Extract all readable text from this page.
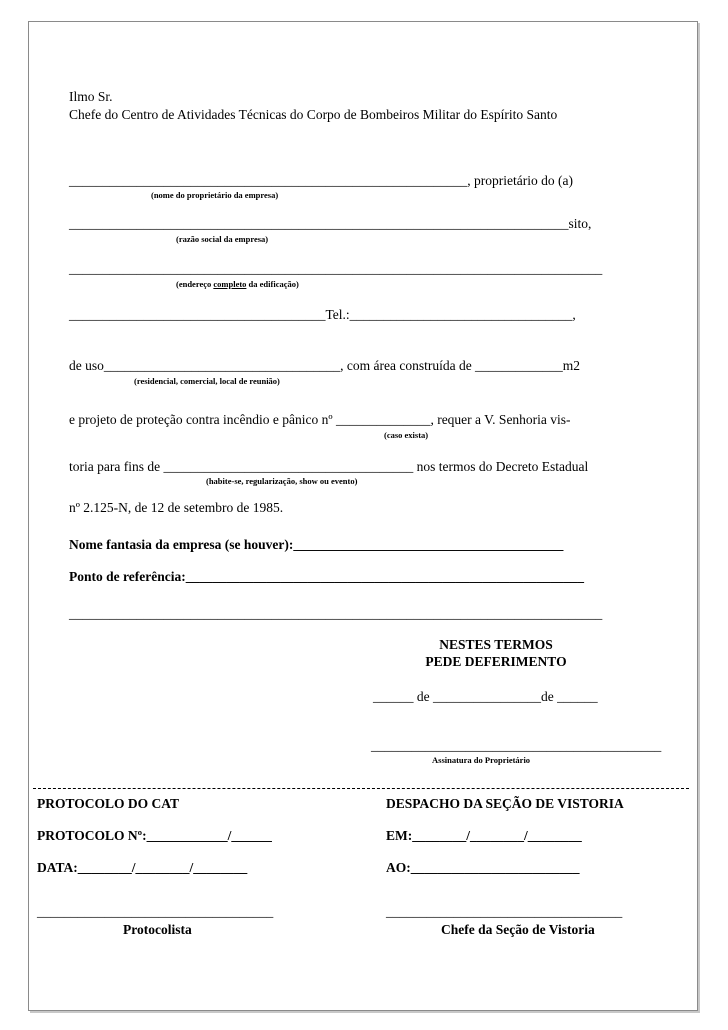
Ilmo Sr.
Chefe do Centro de Atividades Técnicas do Corpo de Bombeiros Militar do Espírito Santo
___________________________________________________________, proprietário do (a)
(nome do proprietário da empresa)
__________________________________________________________________________sito,
(razão social da empresa)
_______________________________________________________________________________
(endereço completo da edificação)
______________________________________Tel.:_________________________________,
de uso___________________________________, com área construída de _____________m2
(residencial, comercial, local de reunião)
e projeto de proteção contra incêndio e pânico nº ______________, requer a V. Senhoria vis-
(caso exista)
toria para fins de _____________________________________ nos termos do Decreto Estadual
(habite-se, regularização, show ou evento)
nº 2.125-N, de 12 de setembro de 1985.
Nome fantasia da empresa (se houver):________________________________________
Ponto de referência:___________________________________________________________
_______________________________________________________________________________
NESTES TERMOS
PEDE DEFERIMENTO
______ de ________________de ______
___________________________________________
Assinatura do Proprietário
PROTOCOLO DO CAT
PROTOCOLO Nº:____________/______
DATA:________/________/________
___________________________________
Protocolista
DESPACHO DA SEÇÃO DE VISTORIA
EM:________/________/________
AO:_________________________
___________________________________
Chefe da Seção de Vistoria
